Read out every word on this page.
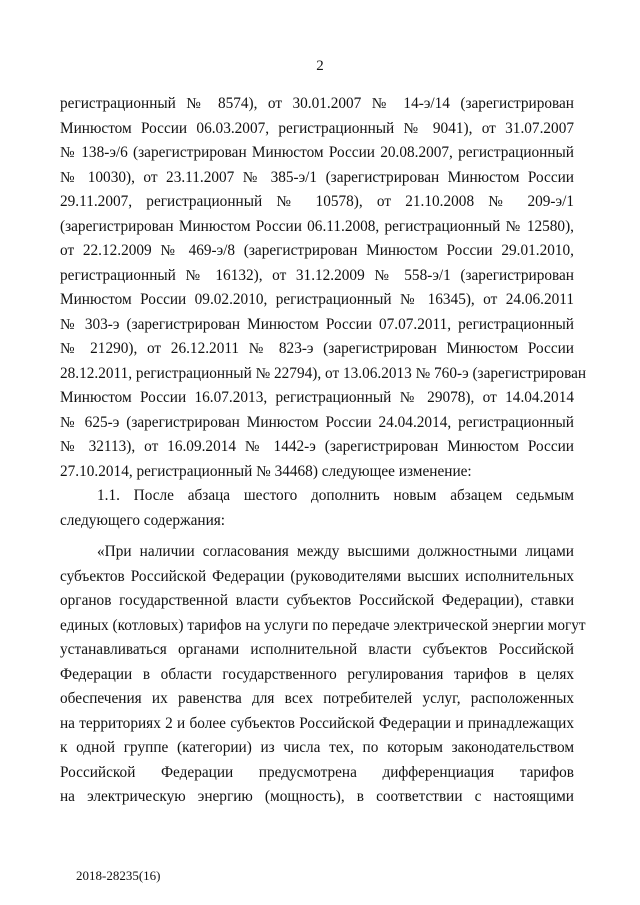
2
регистрационный № 8574), от 30.01.2007 № 14-э/14 (зарегистрирован
Минюстом России 06.03.2007, регистрационный № 9041), от 31.07.2007
№ 138-э/6 (зарегистрирован Минюстом России 20.08.2007, регистрационный
№ 10030), от 23.11.2007 № 385-э/1 (зарегистрирован Минюстом России
29.11.2007, регистрационный № 10578), от 21.10.2008 № 209-э/1
(зарегистрирован Минюстом России 06.11.2008, регистрационный № 12580),
от 22.12.2009 № 469-э/8 (зарегистрирован Минюстом России 29.01.2010,
регистрационный № 16132), от 31.12.2009 № 558-э/1 (зарегистрирован
Минюстом России 09.02.2010, регистрационный № 16345), от 24.06.2011
№ 303-э (зарегистрирован Минюстом России 07.07.2011, регистрационный
№ 21290), от 26.12.2011 № 823-э (зарегистрирован Минюстом России
28.12.2011, регистрационный № 22794), от 13.06.2013 № 760-э (зарегистрирован
Минюстом России 16.07.2013, регистрационный № 29078), от 14.04.2014
№ 625-э (зарегистрирован Минюстом России 24.04.2014, регистрационный
№ 32113), от 16.09.2014 № 1442-э (зарегистрирован Минюстом России
27.10.2014, регистрационный № 34468) следующее изменение:
1.1. После абзаца шестого дополнить новым абзацем седьмым
следующего содержания:
«При наличии согласования между высшими должностными лицами
субъектов Российской Федерации (руководителями высших исполнительных
органов государственной власти субъектов Российской Федерации), ставки
единых (котловых) тарифов на услуги по передаче электрической энергии могут
устанавливаться органами исполнительной власти субъектов Российской
Федерации в области государственного регулирования тарифов в целях
обеспечения их равенства для всех потребителей услуг, расположенных
на территориях 2 и более субъектов Российской Федерации и принадлежащих
к одной группе (категории) из числа тех, по которым законодательством
Российской Федерации предусмотрена дифференциация тарифов
на электрическую энергию (мощность), в соответствии с настоящими
2018-28235(16)
